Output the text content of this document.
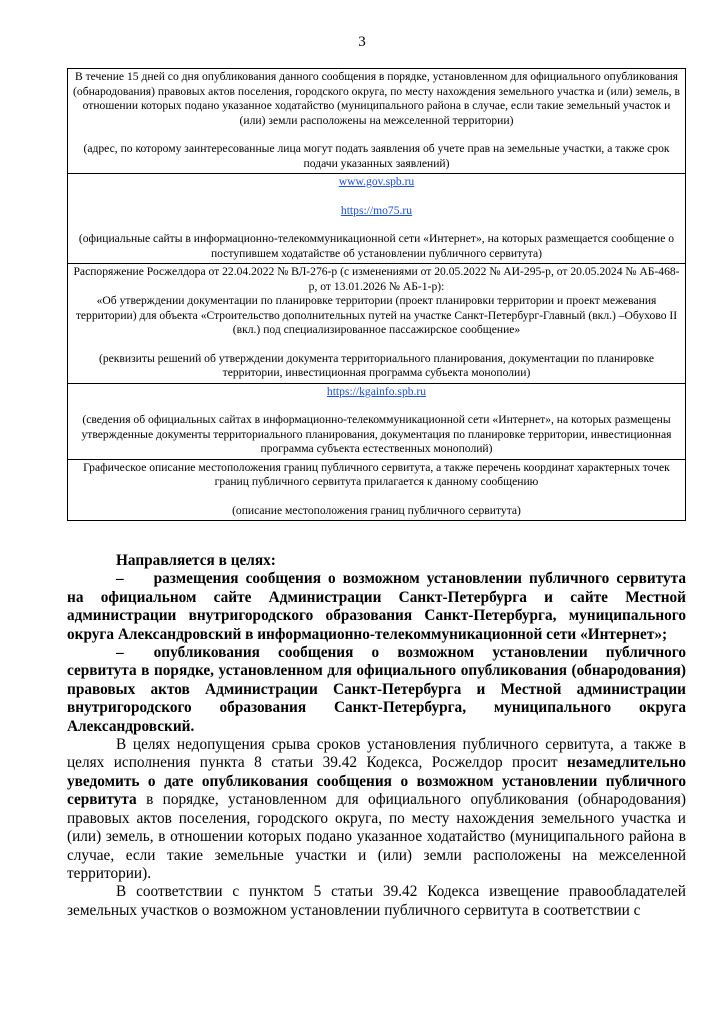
3

В течение 15 дней со дня опубликования данного сообщения в порядке, установленном для официального опубликования (обнародования) правовых актов поселения, городского округа, по месту нахождения земельного участка и (или) земель, в отношении которых подано указанное ходатайство (муниципального района в случае, если такие земельный участок и (или) земли расположены на межселенной территории)

(адрес, по которому заинтересованные лица могут подать заявления об учете прав на земельные участки, а также срок подачи указанных заявлений)

www.gov.spb.ru

https://mo75.ru

(официальные сайты в информационно-телекоммуникационной сети «Интернет», на которых размещается сообщение о поступившем ходатайстве об установлении публичного сервитута)

Распоряжение Росжелдора от 22.04.2022 № ВЛ-276-р (с изменениями от 20.05.2022 № АИ-295-р, от 20.05.2024 № АБ-468-р, от 13.01.2026 № АБ-1-р):

«Об утверждении документации по планировке территории (проект планировки территории и проект межевания территории) для объекта «Строительство дополнительных путей на участке Санкт-Петербург-Главный (вкл.) –Обухово II (вкл.) под специализированное пассажирское сообщение»

(реквизиты решений об утверждении документа территориального планирования, документации по планировке территории, инвестиционная программа субъекта монополии)

https://kgainfo.spb.ru

(сведения об официальных сайтах в информационно-телекоммуникационной сети «Интернет», на которых размещены утвержденные документы территориального планирования, документация по планировке территории, инвестиционная программа субъекта естественных монополий)

Графическое описание местоположения границ публичного сервитута, а также перечень координат характерных точек границ публичного сервитута прилагается к данному сообщению

(описание местоположения границ публичного сервитута)

Направляется в целях:

– размещения сообщения о возможном установлении публичного сервитута на официальном сайте Администрации Санкт-Петербурга и сайте Местной администрации внутригородского образования Санкт-Петербурга, муниципального округа Александровский в информационно-телекоммуникационной сети «Интернет»;

– опубликования сообщения о возможном установлении публичного сервитута в порядке, установленном для официального опубликования (обнародования) правовых актов Администрации Санкт-Петербурга и Местной администрации внутригородского образования Санкт-Петербурга, муниципального округа Александровский.

В целях недопущения срыва сроков установления публичного сервитута, а также в целях исполнения пункта 8 статьи 39.42 Кодекса, Росжелдор просит незамедлительно уведомить о дате опубликования сообщения о возможном установлении публичного сервитута в порядке, установленном для официального опубликования (обнародования) правовых актов поселения, городского округа, по месту нахождения земельного участка и (или) земель, в отношении которых подано указанное ходатайство (муниципального района в случае, если такие земельные участки и (или) земли расположены на межселенной территории).

В соответствии с пунктом 5 статьи 39.42 Кодекса извещение правообладателей земельных участков о возможном установлении публичного сервитута в соответствии с
